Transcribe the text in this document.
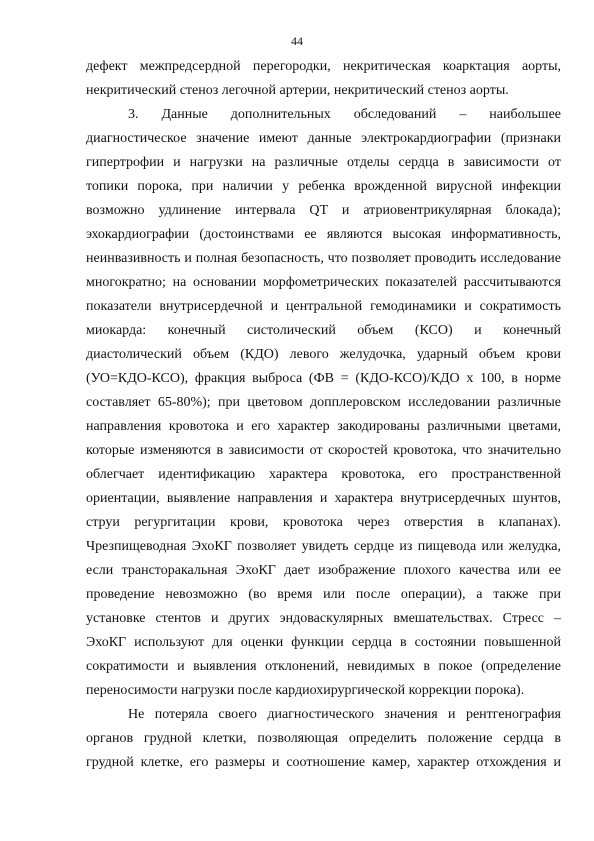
44
дефект межпредсердной перегородки, некритическая коарктация аорты,
некритический стеноз легочной артерии, некритический стеноз аорты.
3. Данные дополнительных обследований – наибольшее
диагностическое значение имеют данные электрокардиографии (признаки
гипертрофии и нагрузки на различные отделы сердца в зависимости от
топики порока, при наличии у ребенка врожденной вирусной инфекции
возможно удлинение интервала QT и атриовентрикулярная блокада);
эхокардиографии (достоинствами ее являются высокая информативность,
неинвазивность и полная безопасность, что позволяет проводить исследование
многократно; на основании морфометрических показателей рассчитываются
показатели внутрисердечной и центральной гемодинамики и сократимость
миокарда: конечный систолический объем (КСО) и конечный
диастолический объем (КДО) левого желудочка, ударный объем крови
(УО=КДО-КСО), фракция выброса (ФВ = (КДО-КСО)/КДО х 100, в норме
составляет 65-80%); при цветовом допплеровском исследовании различные
направления кровотока и его характер закодированы различными цветами,
которые изменяются в зависимости от скоростей кровотока, что значительно
облегчает идентификацию характера кровотока, его пространственной
ориентации, выявление направления и характера внутрисердечных шунтов,
струи регургитации крови, кровотока через отверстия в клапанах).
Чрезпищеводная ЭхоКГ позволяет увидеть сердце из пищевода или желудка,
если трансторакальная ЭхоКГ дает изображение плохого качества или ее
проведение невозможно (во время или после операции), а также при
установке стентов и других эндоваскулярных вмешательствах. Стресс –
ЭхоКГ используют для оценки функции сердца в состоянии повышенной
сократимости и выявления отклонений, невидимых в покое (определение
переносимости нагрузки после кардиохирургической коррекции порока).
Не потеряла своего диагностического значения и рентгенография
органов грудной клетки, позволяющая определить положение сердца в
грудной клетке, его размеры и соотношение камер, характер отхождения и
